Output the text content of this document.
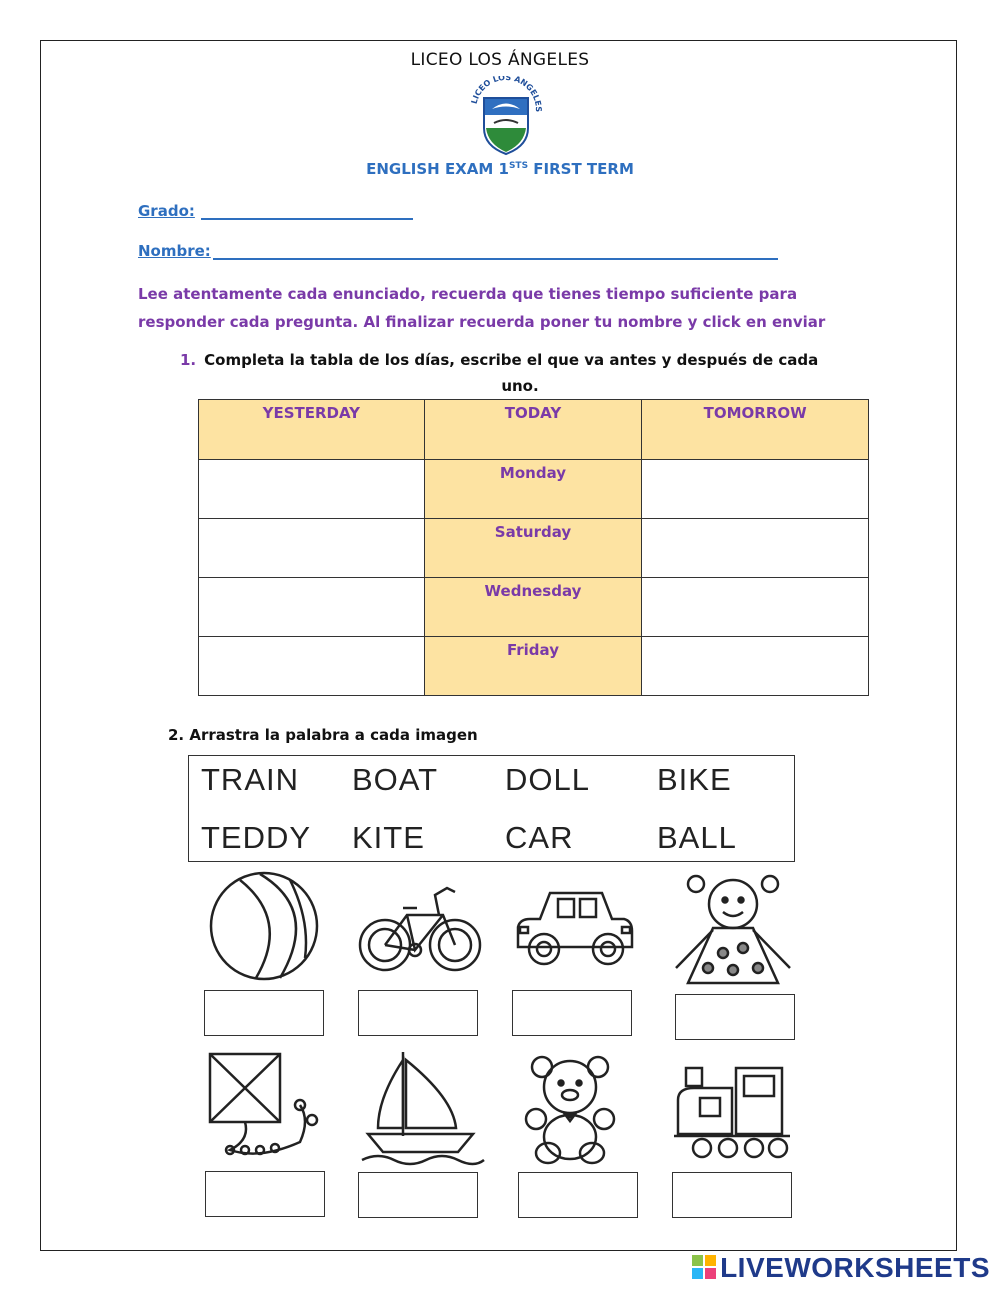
LICEO LOS ÁNGELES
LICEO LOS ÁNGELES
ENGLISH EXAM $1^{STS}$ FIRST TERM
Grado:
Nombre:
Lee atentamente cada enunciado, recuerda que tienes tiempo suficiente para responder cada pregunta. Al finalizar recuerda poner tu nombre y click en enviar
1. Completa la tabla de los días, escribe el que va antes y después de cada
uno.
YESTERDAY	TODAY	TOMORROW
	Monday	
	Saturday	
	Wednesday	
	Friday	
2. Arrastra la palabra a cada imagen
TRAIN BOAT DOLL BIKE
TEDDY KITE	CAR	BALL
LIVEWORKSHEETS
